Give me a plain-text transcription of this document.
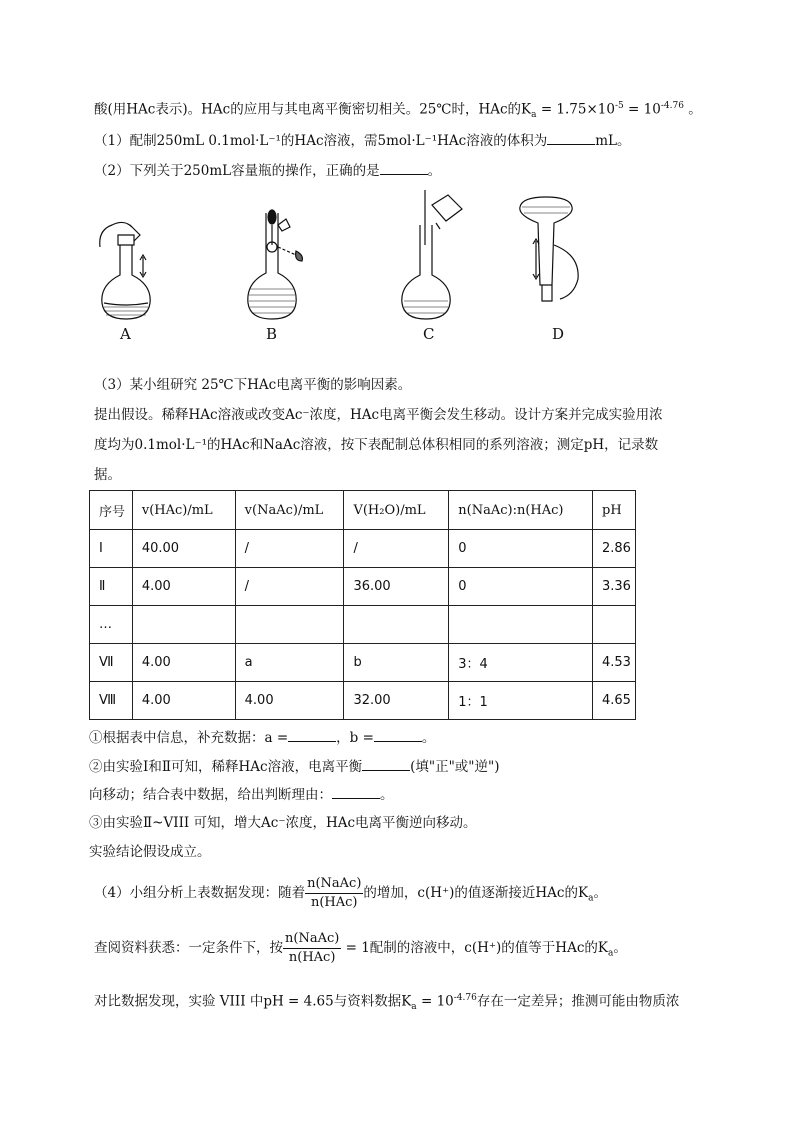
酸(用HAc表示)。HAc的应用与其电离平衡密切相关。25℃时，HAc的$K_a = 1.75\times 10^{-5} = 10^{-4.76}$ 。
（1）配制250mL 0.1mol·L⁻¹的HAc溶液，需5mol·L⁻¹HAc溶液的体积为	mL。
（2）下列关于250mL容量瓶的操作，正确的是	。
A	B	C	D
（3）某小组研究 25℃下HAc电离平衡的影响因素。
提出假设。稀释HAc溶液或改变Ac⁻浓度，HAc电离平衡会发生移动。设计方案并完成实验用浓
度均为0.1mol·L⁻¹的HAc和NaAc溶液，按下表配制总体积相同的系列溶液；测定pH，记录数
据。
序号	v(HAc)/mL	v(NaAc)/mL	V(H₂O)/mL	n(NaAc):n(HAc)	pH
Ⅰ	40.00	/	/	0	2.86
Ⅱ	4.00	/	36.00	0	3.36
…					
Ⅶ	4.00	a	b	3：4	4.53
Ⅷ	4.00	4.00	32.00	1：1	4.65
①根据表中信息，补充数据：a =	，b =	。
②由实验Ⅰ和Ⅱ可知，稀释HAc溶液，电离平衡	(填"正"或"逆")
向移动；结合表中数据，给出判断理由：	。
③由实验Ⅱ~VIII 可知，增大Ac⁻浓度，HAc电离平衡逆向移动。
实验结论假设成立。
（4）小组分析上表数据发现：随着 $\frac{\text{n(NaAc)}}{\text{n(HAc)}}$ 的增加，c(H⁺)的值逐渐接近HAc的$K_a$。
查阅资料获悉：一定条件下，按 $\frac{\text{n(NaAc)}}{\text{n(HAc)}} = 1$配制的溶液中，c(H⁺)的值等于HAc的$K_a$。
对比数据发现，实验 VIII 中pH = 4.65与资料数据$K_a = 10^{-4.76}$存在一定差异；推测可能由物质浓
